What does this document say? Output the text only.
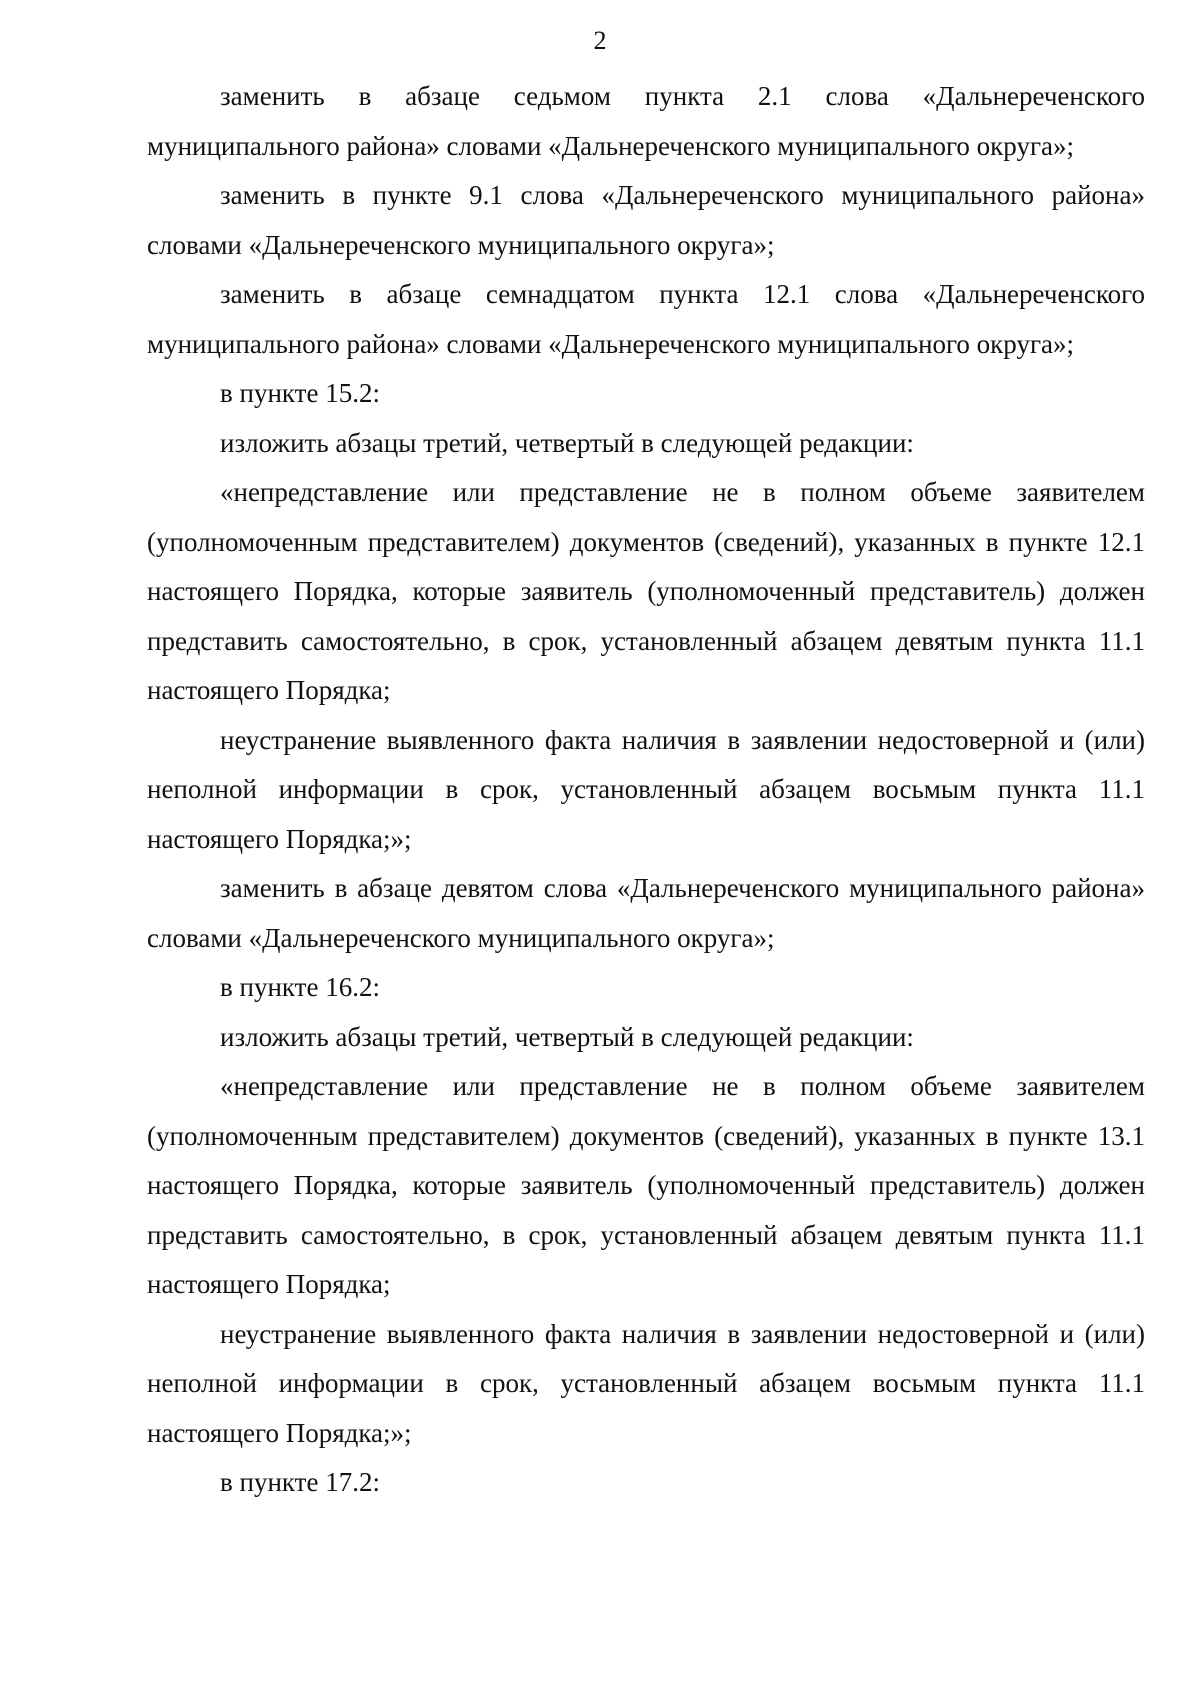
2

заменить в абзаце седьмом пункта 2.1 слова «Дальнереченского муниципального района» словами «Дальнереченского муниципального округа»;

заменить в пункте 9.1 слова «Дальнереченского муниципального района» словами «Дальнереченского муниципального округа»;

заменить в абзаце семнадцатом пункта 12.1 слова «Дальнереченского муниципального района» словами «Дальнереченского муниципального округа»;

в пункте 15.2:

изложить абзацы третий, четвертый в следующей редакции:

«непредставление или представление не в полном объеме заявителем (уполномоченным представителем) документов (сведений), указанных в пункте 12.1 настоящего Порядка, которые заявитель (уполномоченный представитель) должен представить самостоятельно, в срок, установленный абзацем девятым пункта 11.1 настоящего Порядка;

неустранение выявленного факта наличия в заявлении недостоверной и (или) неполной информации в срок, установленный абзацем восьмым пункта 11.1 настоящего Порядка;»;

заменить в абзаце девятом слова «Дальнереченского муниципального района» словами «Дальнереченского муниципального округа»;

в пункте 16.2:

изложить абзацы третий, четвертый в следующей редакции:

«непредставление или представление не в полном объеме заявителем (уполномоченным представителем) документов (сведений), указанных в пункте 13.1 настоящего Порядка, которые заявитель (уполномоченный представитель) должен представить самостоятельно, в срок, установленный абзацем девятым пункта 11.1 настоящего Порядка;

неустранение выявленного факта наличия в заявлении недостоверной и (или) неполной информации в срок, установленный абзацем восьмым пункта 11.1 настоящего Порядка;»;

в пункте 17.2:
